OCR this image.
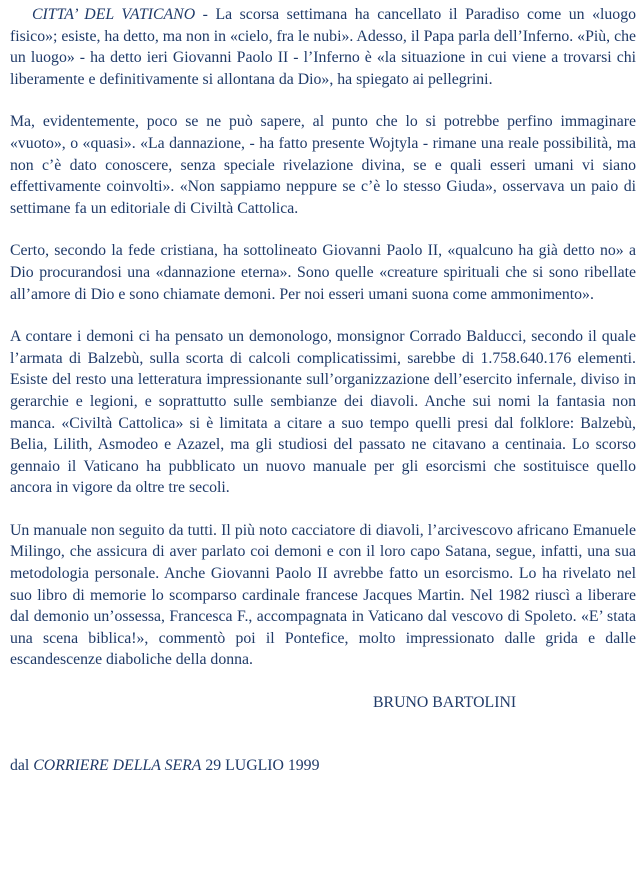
CITTA’ DEL VATICANO - La scorsa settimana ha cancellato il Paradiso come un «luogo fisico»; esiste, ha detto, ma non in «cielo, fra le nubi». Adesso, il Papa parla dell’Inferno. «Più, che un luogo» - ha detto ieri Giovanni Paolo II - l’Inferno è «la situazione in cui viene a trovarsi chi liberamente e definitivamente si allontana da Dio», ha spiegato ai pellegrini.

Ma, evidentemente, poco se ne può sapere, al punto che lo si potrebbe perfino immaginare «vuoto», o «quasi». «La dannazione, - ha fatto presente Wojtyla - rimane una reale possibilità, ma non c’è dato conoscere, senza speciale rivelazione divina, se e quali esseri umani vi siano effettivamente coinvolti». «Non sappiamo neppure se c’è lo stesso Giuda», osservava un paio di settimane fa un editoriale di Civiltà Cattolica.

Certo, secondo la fede cristiana, ha sottolineato Giovanni Paolo II, «qualcuno ha già detto no» a Dio procurandosi una «dannazione eterna». Sono quelle «creature spirituali che si sono ribellate all’amore di Dio e sono chiamate demoni. Per noi esseri umani suona come ammonimento».

A contare i demoni ci ha pensato un demonologo, monsignor Corrado Balducci, secondo il quale l’armata di Balzebù, sulla scorta di calcoli complicatissimi, sarebbe di 1.758.640.176 elementi. Esiste del resto una letteratura impressionante sull’organizzazione dell’esercito infernale, diviso in gerarchie e legioni, e soprattutto sulle sembianze dei diavoli. Anche sui nomi la fantasia non manca. «Civiltà Cattolica» si è limitata a citare a suo tempo quelli presi dal folklore: Balzebù, Belia, Lilith, Asmodeo e Azazel, ma gli studiosi del passato ne citavano a centinaia. Lo scorso gennaio il Vaticano ha pubblicato un nuovo manuale per gli esorcismi che sostituisce quello ancora in vigore da oltre tre secoli.

Un manuale non seguito da tutti. Il più noto cacciatore di diavoli, l’arcivescovo africano Emanuele Milingo, che assicura di aver parlato coi demoni e con il loro capo Satana, segue, infatti, una sua metodologia personale. Anche Giovanni Paolo II avrebbe fatto un esorcismo. Lo ha rivelato nel suo libro di memorie lo scomparso cardinale francese Jacques Martin. Nel 1982 riuscì a liberare dal demonio un’ossessa, Francesca F., accompagnata in Vaticano dal vescovo di Spoleto. «E’ stata una scena biblica!», commentò poi il Pontefice, molto impressionato dalle grida e dalle escandescenze diaboliche della donna.

BRUNO BARTOLINI

dal CORRIERE DELLA SERA 29 LUGLIO 1999
